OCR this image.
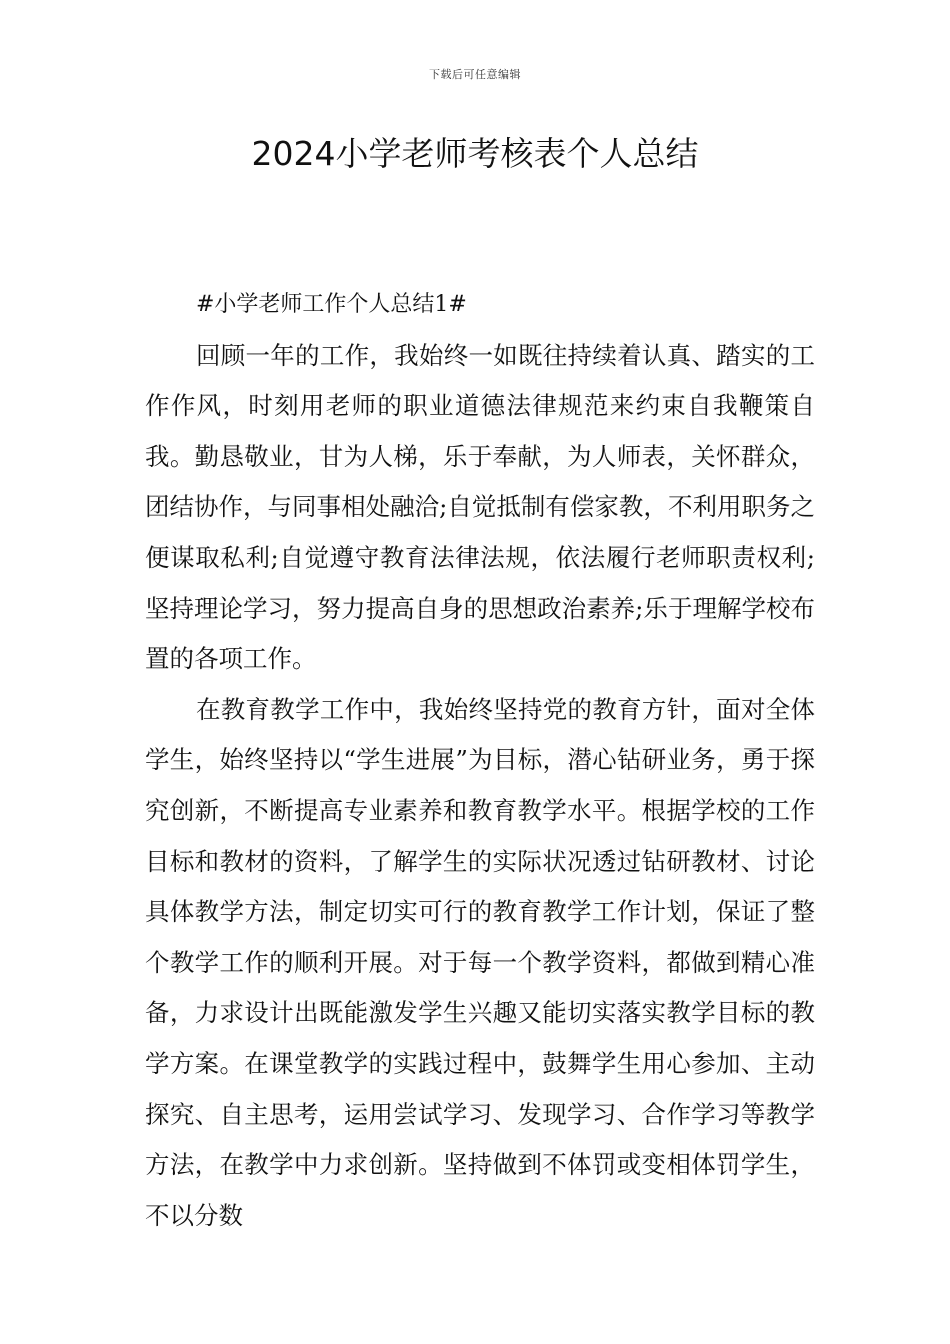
下载后可任意编辑
2024小学老师考核表个人总结

#小学老师工作个人总结1#

回顾一年的工作，我始终一如既往持续着认真、踏实的工作作风，时刻用老师的职业道德法律规范来约束自我鞭策自我。勤恳敬业，甘为人梯，乐于奉献，为人师表，关怀群众，团结协作，与同事相处融洽;自觉抵制有偿家教，不利用职务之便谋取私利;自觉遵守教育法律法规，依法履行老师职责权利;坚持理论学习，努力提高自身的思想政治素养;乐于理解学校布置的各项工作。

在教育教学工作中，我始终坚持党的教育方针，面对全体学生，始终坚持以“学生进展”为目标，潜心钻研业务，勇于探究创新，不断提高专业素养和教育教学水平。根据学校的工作目标和教材的资料，了解学生的实际状况透过钻研教材、讨论具体教学方法，制定切实可行的教育教学工作计划，保证了整个教学工作的顺利开展。对于每一个教学资料，都做到精心准备，力求设计出既能激发学生兴趣又能切实落实教学目标的教学方案。在课堂教学的实践过程中，鼓舞学生用心参加、主动探究、自主思考，运用尝试学习、发现学习、合作学习等教学方法，在教学中力求创新。坚持做到不体罚或变相体罚学生，不以分数
